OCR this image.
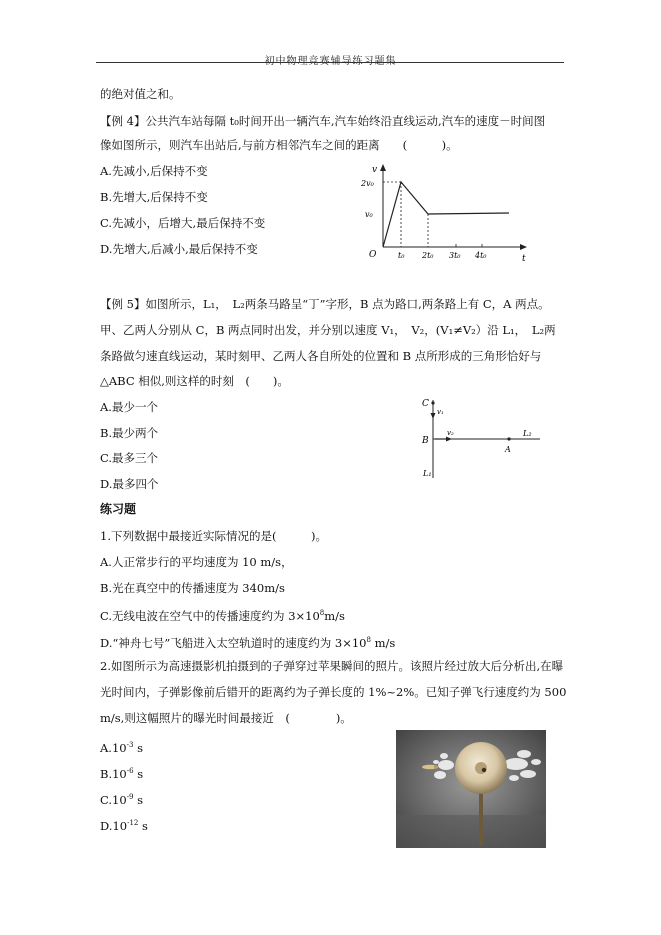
的绝对值之和。
【例 4】公共汽车站每隔 t₀时间开出一辆汽车,汽车始终沿直线运动,汽车的速度－时间图
像如图所示，则汽车出站后,与前方相邻汽车之间的距离　　(　　　)。
A.先减小,后保持不变
B.先增大,后保持不变
C.先减小，后增大,最后保持不变
D.先增大,后减小,最后保持不变
v
t
O
2v₀
v₀
t₀ 2t₀ 3t₀ 4t₀
【例 5】如图所示，L₁，　L₂两条马路呈“丁”字形，B 点为路口,两条路上有 C，A 两点。
甲、乙两人分别从 C，B 两点同时出发，并分别以速度 V₁，　V₂，(V₁≠V₂）沿 L₁，　L₂两
条路做匀速直线运动，某时刻甲、乙两人各自所处的位置和 B 点所形成的三角形恰好与
△ABC 相似,则这样的时刻　(　　)。
A.最少一个
B.最少两个
C.最多三个
D.最多四个
C
v₁
v₂
B
L₂
A
L₁
练习题
1.下列数据中最接近实际情况的是(　　　)。
A.人正常步行的平均速度为 10 m/s，
B.光在真空中的传播速度为 340m/s
C.无线电波在空气中的传播速度约为 $3\times 10^8m/s$
D.“神舟七号”飞船进入太空轨道时的速度约为 $3\times 10^8$ m/s
2.如图所示为高速摄影机拍摄到的子弹穿过苹果瞬间的照片。该照片经过放大后分析出,在曝
光时间内，子弹影像前后错开的距离约为子弹长度的 1%~2%。已知子弹飞行速度约为 500
m/s,则这幅照片的曝光时间最接近　(　　　　)。
$A.10^{-3}$ s
$B.10^{-6}$ s
$C.10^{-9}$ s
$D.10^{-12}$ s
